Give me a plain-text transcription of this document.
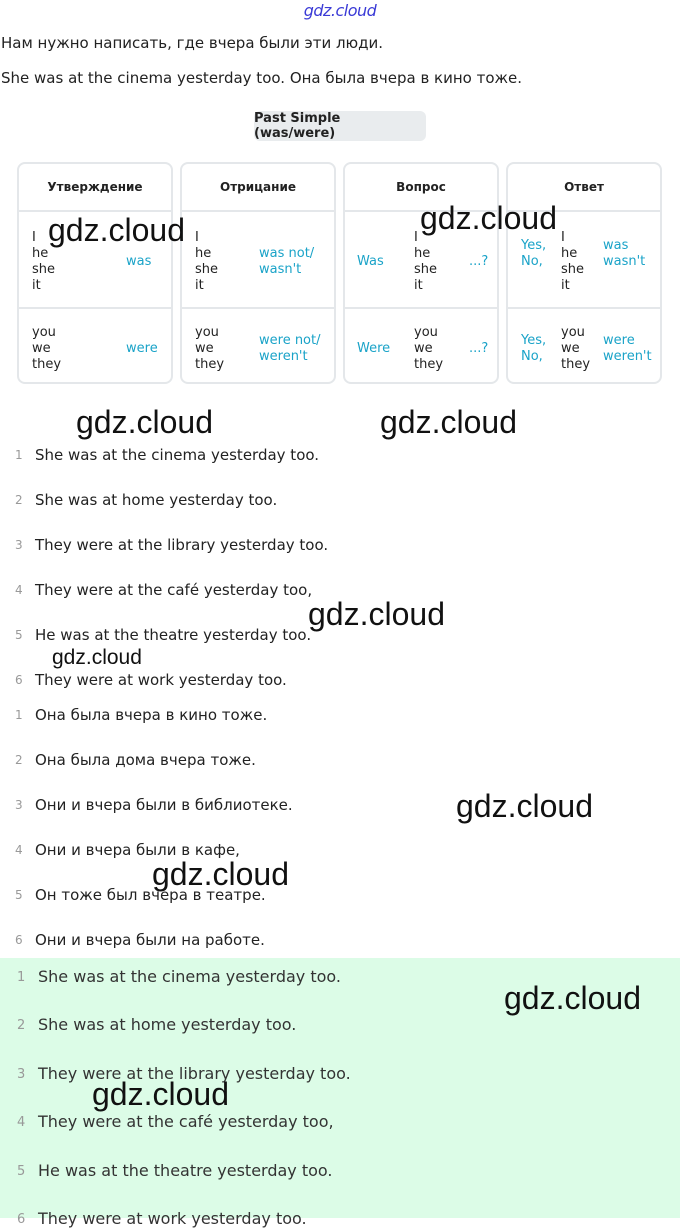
gdz.cloud
Нам нужно написать, где вчера были эти люди.
She was at the cinema yesterday too. Она была вчера в кино тоже.
Past Simple (was/were)
Утверждение
I
he
she
it
was
you
we
they
were
Отрицание
I
he
she
it
was not/
wasn't
you
we
they
were not/
weren't
Вопрос
Was
I
he
she
it
...?
Were
you
we
they
...?
Ответ
Yes,
No,
I
he
she
it
was
wasn't
Yes,
No,
you
we
they
were
weren't
1 She was at the cinema yesterday too.
2 She was at home yesterday too.
3 They were at the library yesterday too.
4 They were at the café yesterday too,
5 He was at the theatre yesterday too.
6 They were at work yesterday too.
1 Она была вчера в кино тоже.
2 Она была дома вчера тоже.
3 Они и вчера были в библиотеке.
4 Они и вчера были в кафе,
5 Он тоже был вчера в театре.
6 Они и вчера были на работе.
1 She was at the cinema yesterday too.
2 She was at home yesterday too.
3 They were at the library yesterday too.
4 They were at the café yesterday too,
5 He was at the theatre yesterday too.
6 They were at work yesterday too.
gdz.cloud	gdz.cloud
gdz.cloud	gdz.cloud
gdz.cloud
gdz.cloud
gdz.cloud
gdz.cloud
gdz.cloud
gdz.cloud
